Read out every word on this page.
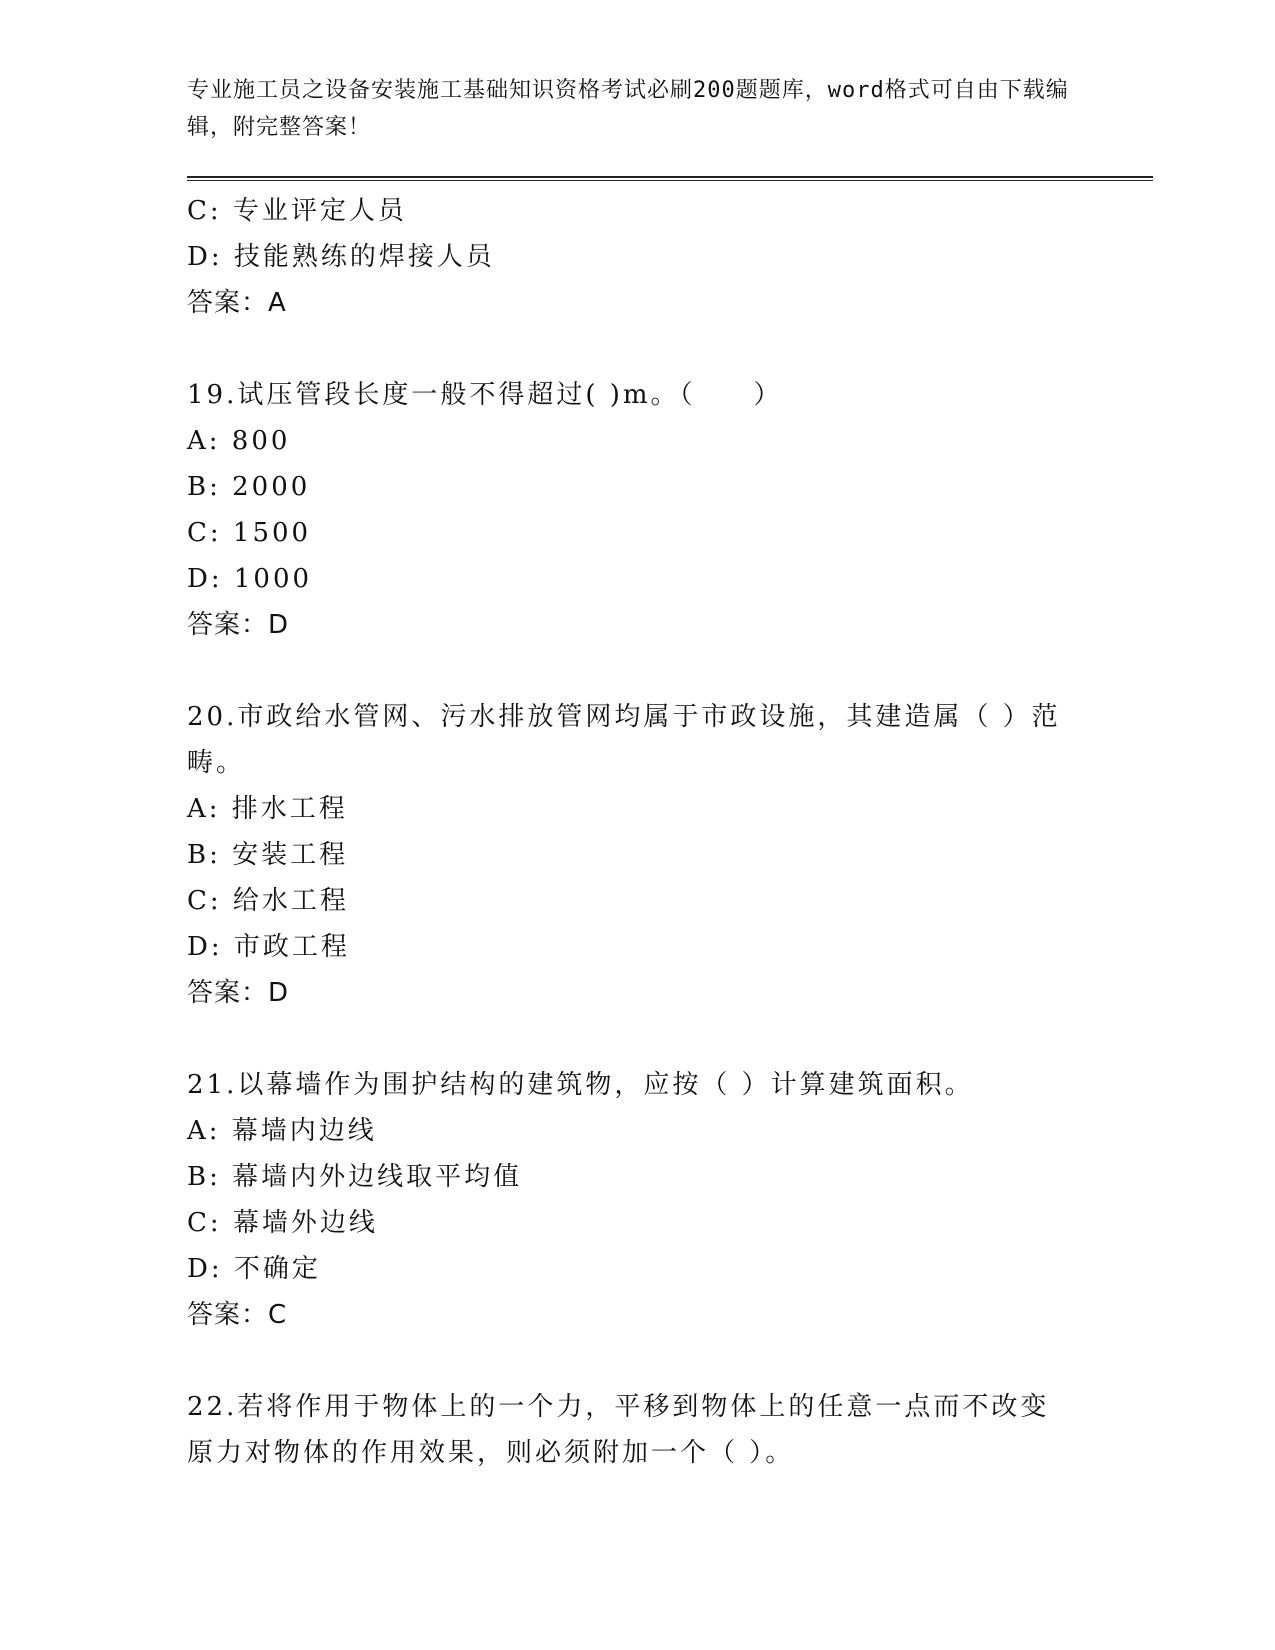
专业施工员之设备安装施工基础知识资格考试必刷200题题库，word格式可自由下载编辑，附完整答案！
C: 专业评定人员
D: 技能熟练的焊接人员
答案：A
19.试压管段长度一般不得超过( )m。（　　）
A: 800
B: 2000
C: 1500
D: 1000
答案：D
20.市政给水管网、污水排放管网均属于市政设施，其建造属（ ）范畴。
A: 排水工程
B: 安装工程
C: 给水工程
D: 市政工程
答案：D
21.以幕墙作为围护结构的建筑物，应按（ ）计算建筑面积。
A: 幕墙内边线
B: 幕墙内外边线取平均值
C: 幕墙外边线
D: 不确定
答案：C
22.若将作用于物体上的一个力，平移到物体上的任意一点而不改变原力对物体的作用效果，则必须附加一个（ ）。
